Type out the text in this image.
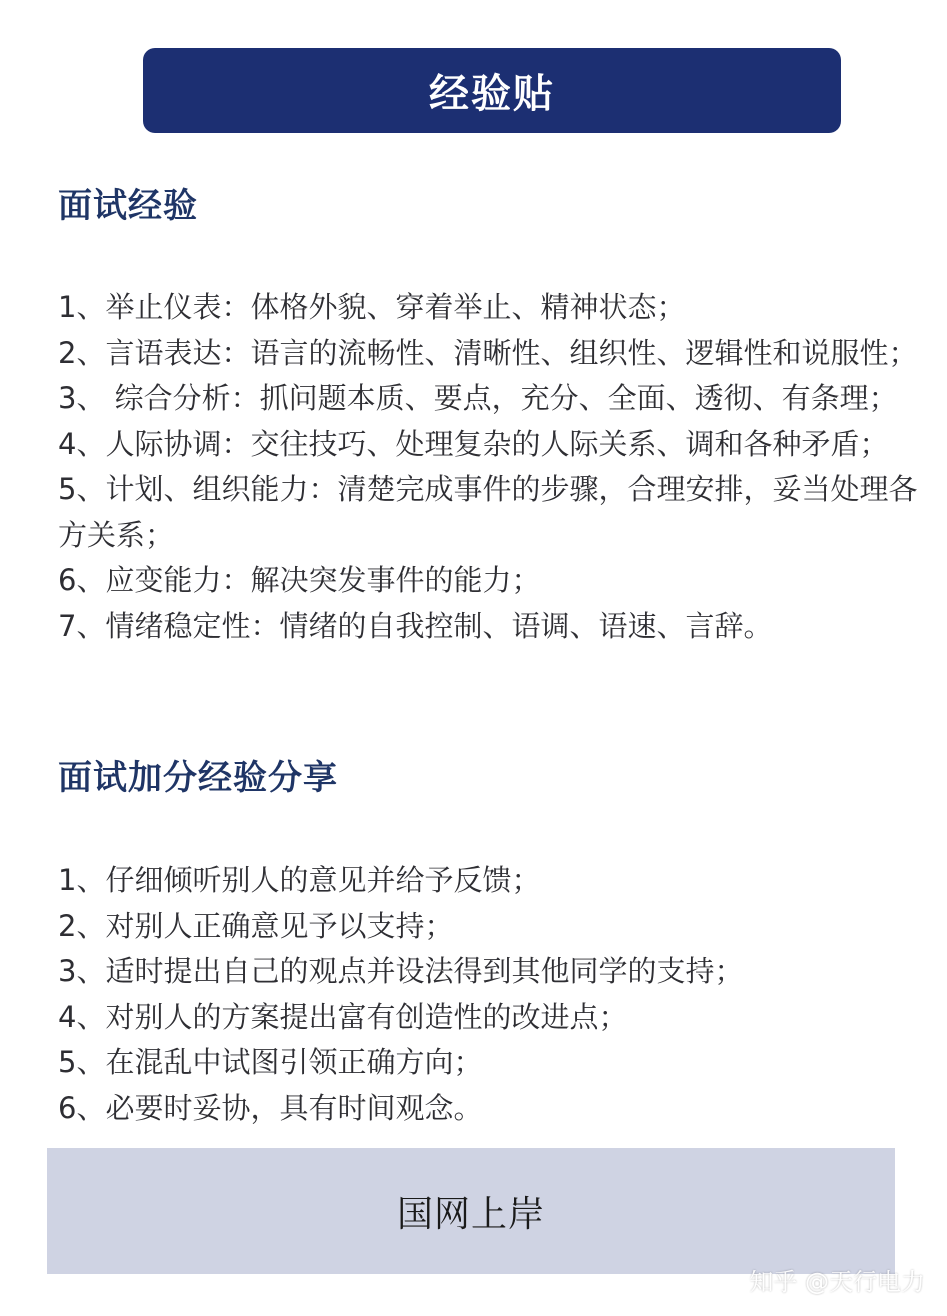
经验贴
面试经验
1、举止仪表：体格外貌、穿着举止、精神状态；
2、言语表达：语言的流畅性、清晰性、组织性、逻辑性和说服性；
3、 综合分析：抓问题本质、要点，充分、全面、透彻、有条理；
4、人际协调：交往技巧、处理复杂的人际关系、调和各种矛盾；
5、计划、组织能力：清楚完成事件的步骤，合理安排，妥当处理各方关系；
6、应变能力：解决突发事件的能力；
7、情绪稳定性：情绪的自我控制、语调、语速、言辞。
面试加分经验分享
1、仔细倾听别人的意见并给予反馈；
2、对别人正确意见予以支持；
3、适时提出自己的观点并设法得到其他同学的支持；
4、对别人的方案提出富有创造性的改进点；
5、在混乱中试图引领正确方向；
6、必要时妥协，具有时间观念。
国网上岸
知乎 @天行电力
